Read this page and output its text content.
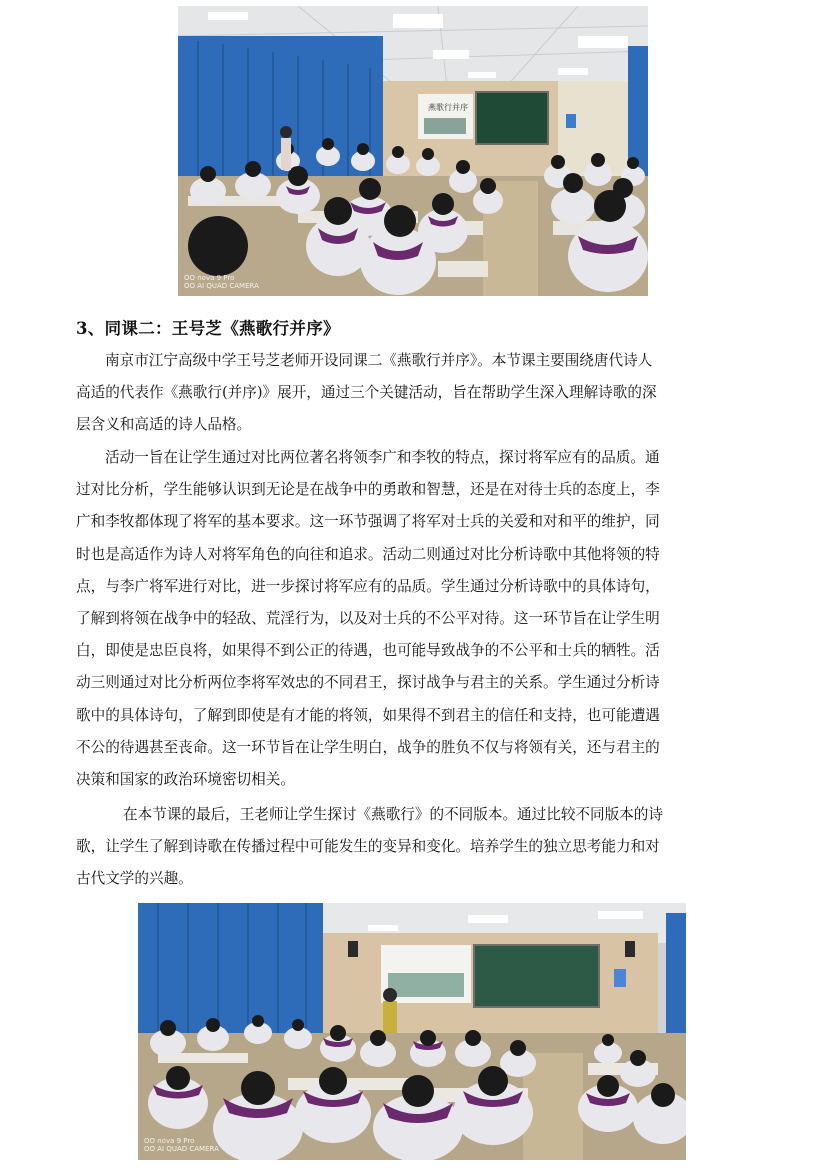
燕歌行并序
OO nova 9 Pro
OO AI QUAD CAMERA
3、同课二：王号芝《燕歌行并序》
南京市江宁高级中学王号芝老师开设同课二《燕歌行并序》。本节课主要围绕唐代诗人
高适的代表作《燕歌行(并序)》展开，通过三个关键活动，旨在帮助学生深入理解诗歌的深
层含义和高适的诗人品格。
活动一旨在让学生通过对比两位著名将领李广和李牧的特点，探讨将军应有的品质。通
过对比分析，学生能够认识到无论是在战争中的勇敢和智慧，还是在对待士兵的态度上，李
广和李牧都体现了将军的基本要求。这一环节强调了将军对士兵的关爱和对和平的维护，同
时也是高适作为诗人对将军角色的向往和追求。活动二则通过对比分析诗歌中其他将领的特
点，与李广将军进行对比，进一步探讨将军应有的品质。学生通过分析诗歌中的具体诗句，
了解到将领在战争中的轻敌、荒淫行为，以及对士兵的不公平对待。这一环节旨在让学生明
白，即使是忠臣良将，如果得不到公正的待遇，也可能导致战争的不公平和士兵的牺牲。活
动三则通过对比分析两位李将军效忠的不同君王，探讨战争与君主的关系。学生通过分析诗
歌中的具体诗句，了解到即使是有才能的将领，如果得不到君主的信任和支持，也可能遭遇
不公的待遇甚至丧命。这一环节旨在让学生明白，战争的胜负不仅与将领有关，还与君主的
决策和国家的政治环境密切相关。
在本节课的最后，王老师让学生探讨《燕歌行》的不同版本。通过比较不同版本的诗
歌，让学生了解到诗歌在传播过程中可能发生的变异和变化。培养学生的独立思考能力和对
古代文学的兴趣。
OO nova 9 Pro
OO AI QUAD CAMERA
